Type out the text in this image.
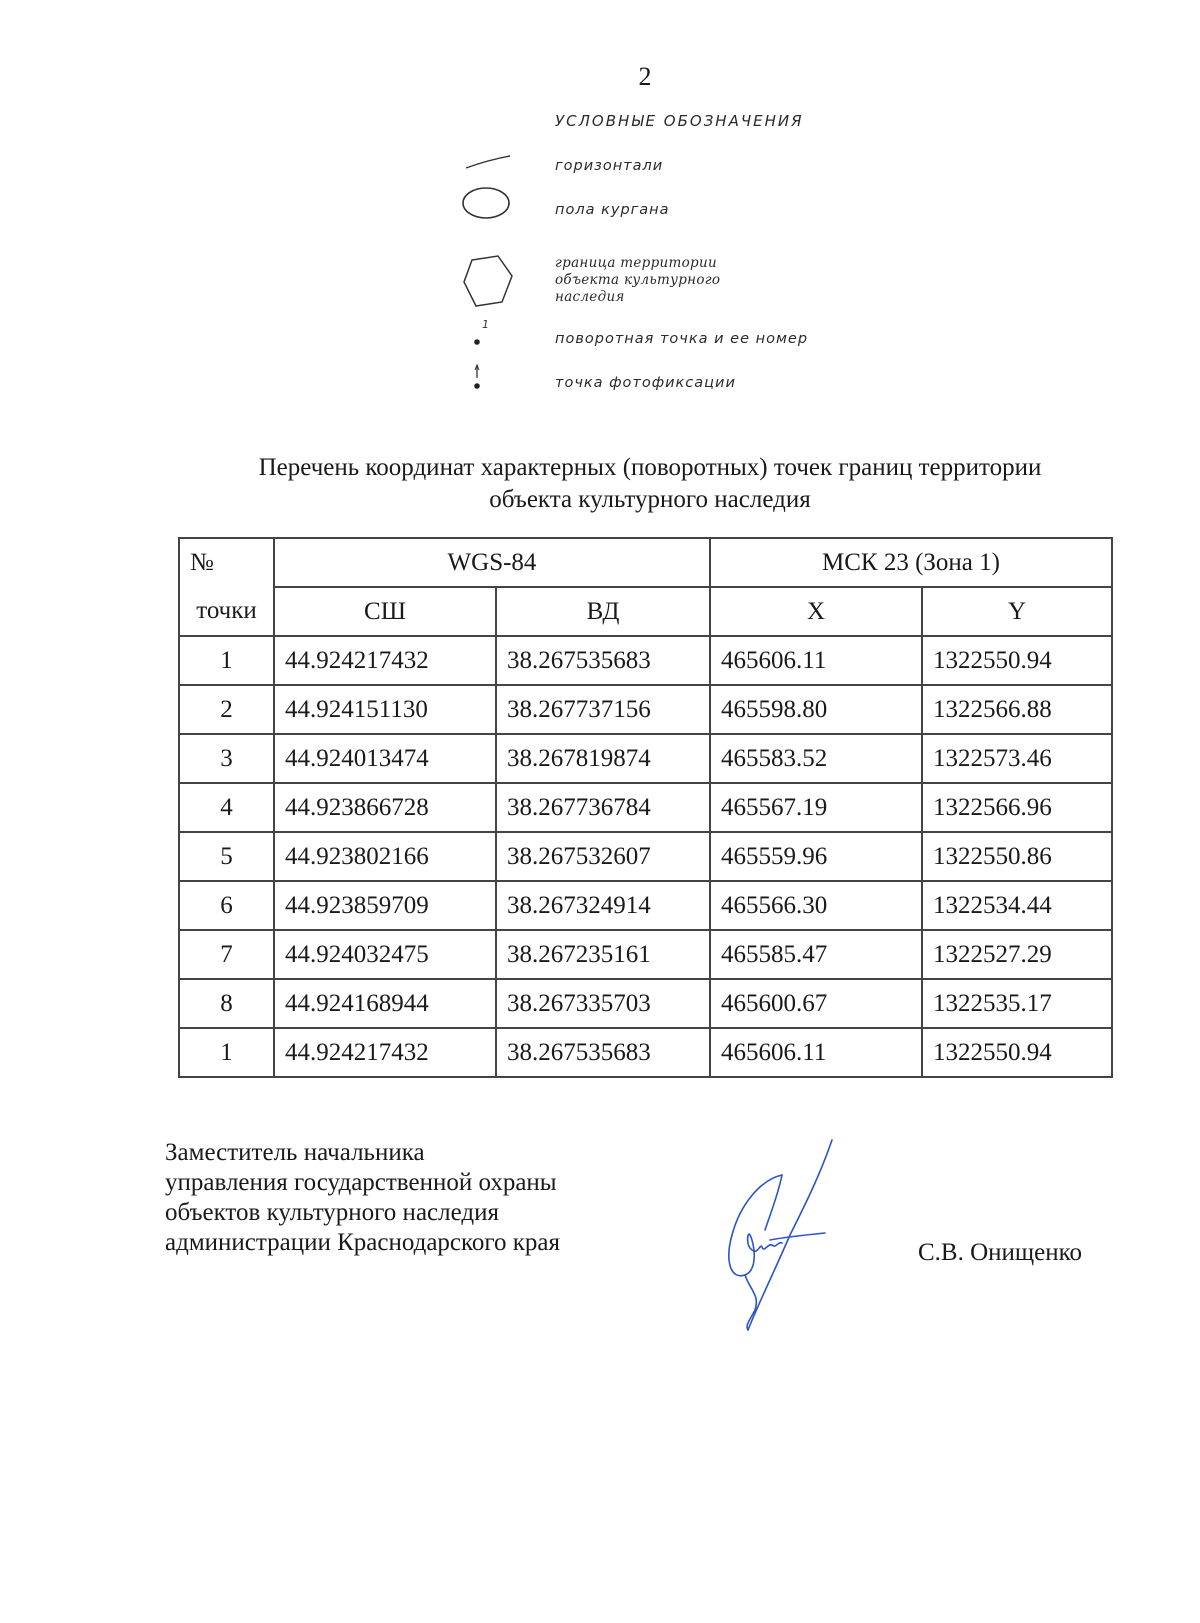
2
УСЛОВНЫЕ ОБОЗНАЧЕНИЯ
горизонтали
пола кургана
граница территории объекта культурного наследия
1
поворотная точка и ее номер
точка фотофиксации
Перечень координат характерных (поворотных) точек границ территории
объекта культурного наследия
№	WGS-84		МСК 23 (Зона 1)	
точки	СШ	ВД	X	Y
1	44.924217432	38.267535683	465606.11	1322550.94
2	44.924151130	38.267737156	465598.80	1322566.88
3	44.924013474	38.267819874	465583.52	1322573.46
4	44.923866728	38.267736784	465567.19	1322566.96
5	44.923802166	38.267532607	465559.96	1322550.86
6	44.923859709	38.267324914	465566.30	1322534.44
7	44.924032475	38.267235161	465585.47	1322527.29
8	44.924168944	38.267335703	465600.67	1322535.17
1	44.924217432	38.267535683	465606.11	1322550.94
Заместитель начальника
управления государственной охраны
объектов культурного наследия
администрации Краснодарского края	С.В. Онищенко
